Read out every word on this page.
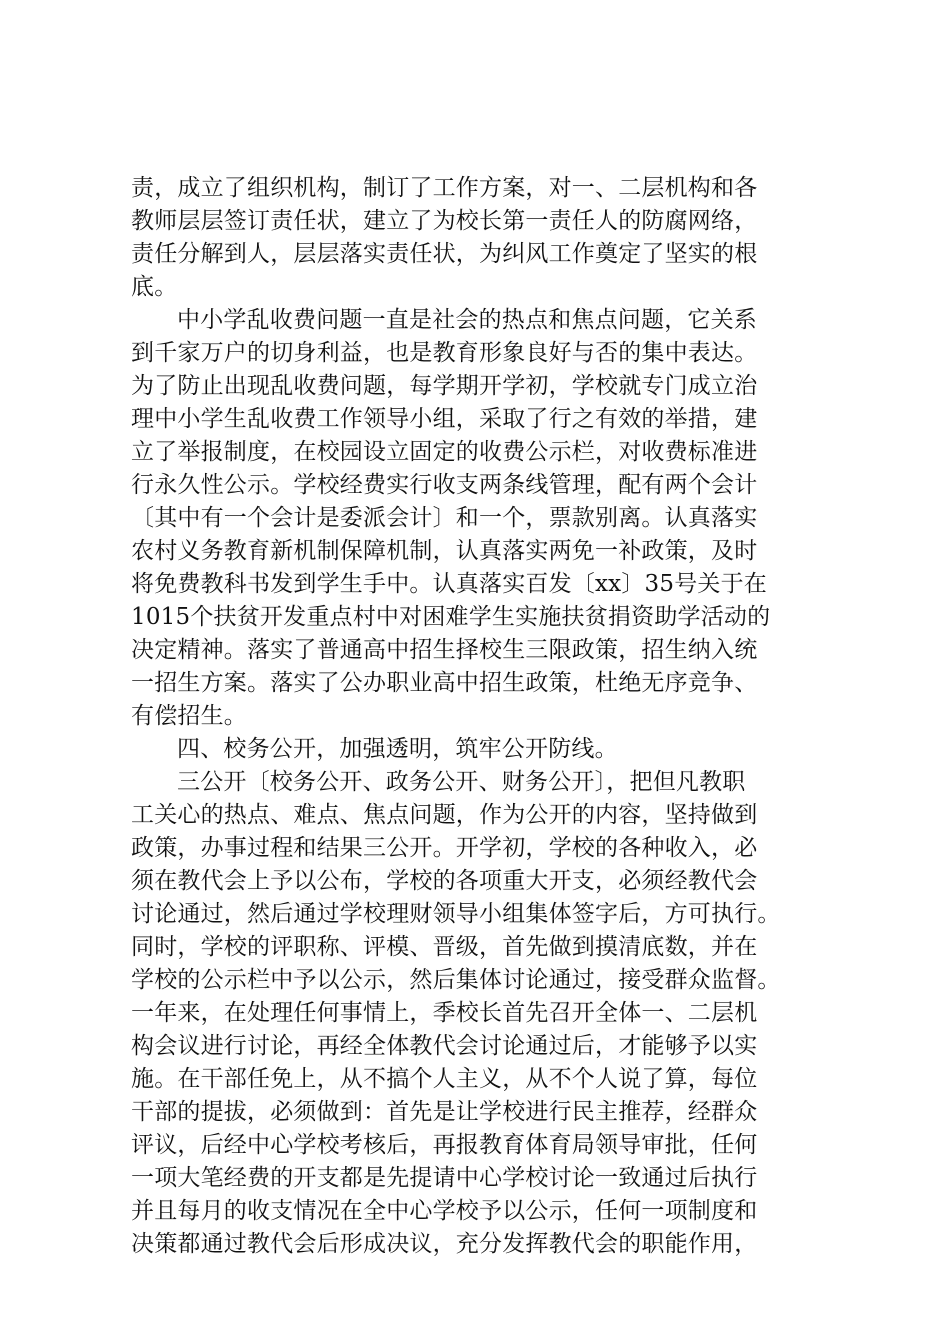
责，成立了组织机构，制订了工作方案，对一、二层机构和各
教师层层签订责任状，建立了为校长第一责任人的防腐网络，
责任分解到人，层层落实责任状，为纠风工作奠定了坚实的根
底。
中小学乱收费问题一直是社会的热点和焦点问题，它关系
到千家万户的切身利益，也是教育形象良好与否的集中表达。
为了防止出现乱收费问题，每学期开学初，学校就专门成立治
理中小学生乱收费工作领导小组，采取了行之有效的举措，建
立了举报制度，在校园设立固定的收费公示栏，对收费标准进
行永久性公示。学校经费实行收支两条线管理，配有两个会计
〔其中有一个会计是委派会计〕和一个，票款别离。认真落实
农村义务教育新机制保障机制，认真落实两免一补政策，及时
将免费教科书发到学生手中。认真落实百发〔xx〕35号关于在
1015个扶贫开发重点村中对困难学生实施扶贫捐资助学活动的
决定精神。落实了普通高中招生择校生三限政策，招生纳入统
一招生方案。落实了公办职业高中招生政策，杜绝无序竞争、
有偿招生。
四、校务公开，加强透明，筑牢公开防线。
三公开〔校务公开、政务公开、财务公开〕，把但凡教职
工关心的热点、难点、焦点问题，作为公开的内容，坚持做到
政策，办事过程和结果三公开。开学初，学校的各种收入，必
须在教代会上予以公布，学校的各项重大开支，必须经教代会
讨论通过，然后通过学校理财领导小组集体签字后，方可执行。
同时，学校的评职称、评模、晋级，首先做到摸清底数，并在
学校的公示栏中予以公示，然后集体讨论通过，接受群众监督。
一年来，在处理任何事情上，季校长首先召开全体一、二层机
构会议进行讨论，再经全体教代会讨论通过后，才能够予以实
施。在干部任免上，从不搞个人主义，从不个人说了算，每位
干部的提拔，必须做到：首先是让学校进行民主推荐，经群众
评议，后经中心学校考核后，再报教育体育局领导审批，任何
一项大笔经费的开支都是先提请中心学校讨论一致通过后执行
并且每月的收支情况在全中心学校予以公示，任何一项制度和
决策都通过教代会后形成决议，充分发挥教代会的职能作用，
